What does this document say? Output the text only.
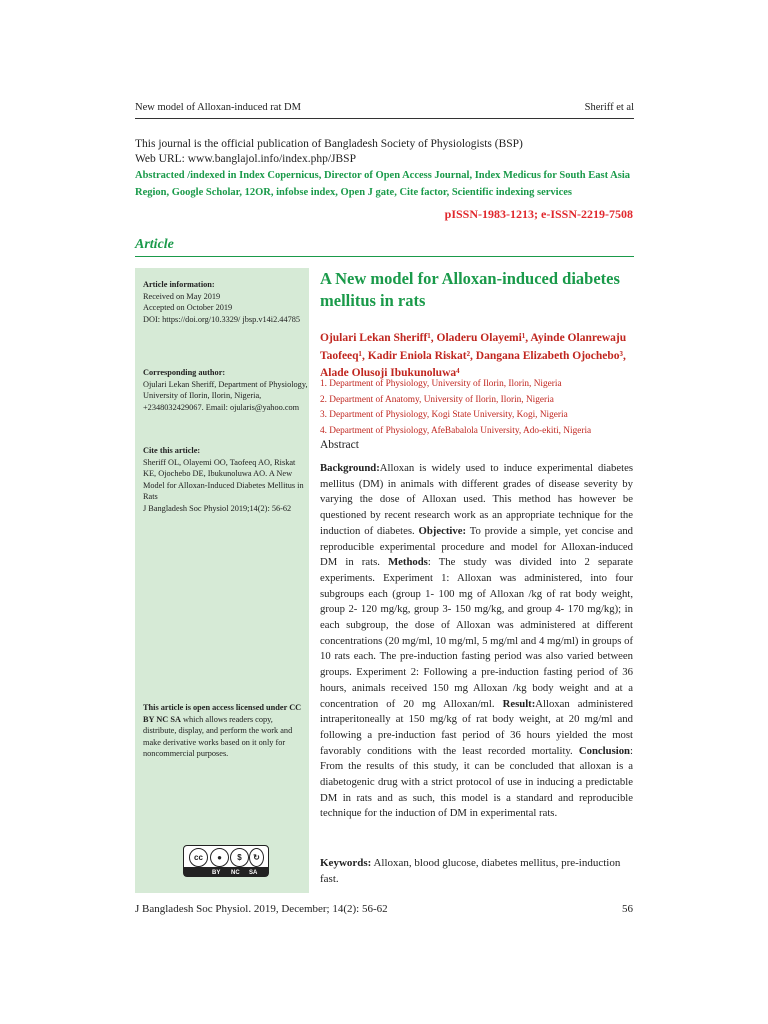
New model of Alloxan-induced rat DM	Sheriff et al
This journal is the official publication of Bangladesh Society of Physiologists (BSP)
Web URL: www.banglajol.info/index.php/JBSP
Abstracted /indexed in Index Copernicus, Director of Open Access Journal, Index Medicus for South East Asia Region, Google Scholar, 12OR, infobse index, Open J gate, Cite factor, Scientific indexing services
pISSN-1983-1213; e-ISSN-2219-7508
Article
Article information:
Received on May 2019
Accepted on October 2019
DOI: https://doi.org/10.3329/ jbsp.v14i2.44785
Corresponding author:
Ojulari Lekan Sheriff, Department of Physiology, University of Ilorin, Ilorin, Nigeria, +2348032429067. Email: ojularis@yahoo.com
Cite this article:
Sheriff OL, Olayemi OO, Taofeeq AO, Riskat KE, Ojochebo DE, Ibukunoluwa AO. A New Model for Alloxan-Induced Diabetes Mellitus in Rats
J Bangladesh Soc Physiol 2019;14(2): 56-62
This article is open access licensed under CC BY NC SA which allows readers copy, distribute, display, and perform the work and make derivative works based on it only for noncommercial purposes.
cc	●	$	↻
BY NC SA
A New model for Alloxan-induced diabetes mellitus in rats
Ojulari Lekan Sheriff¹, Oladeru Olayemi¹, Ayinde Olanrewaju Taofeeq¹, Kadir Eniola Riskat², Dangana Elizabeth Ojochebo³, Alade Olusoji Ibukunoluwa⁴
1. Department of Physiology, University of Ilorin, Ilorin, Nigeria
2. Department of Anatomy, University of Ilorin, Ilorin, Nigeria
3. Department of Physiology, Kogi State University, Kogi, Nigeria
4. Department of Physiology, AfeBabalola University, Ado-ekiti, Nigeria
Abstract
Background:Alloxan is widely used to induce experimental diabetes mellitus (DM) in animals with different grades of disease severity by varying the dose of Alloxan used. This method has however be questioned by recent research work as an appropriate technique for the induction of diabetes. Objective: To provide a simple, yet concise and reproducible experimental procedure and model for Alloxan-induced DM in rats. Methods: The study was divided into 2 separate experiments. Experiment 1: Alloxan was administered, into four subgroups each (group 1- 100 mg of Alloxan /kg of rat body weight, group 2- 120 mg/kg, group 3- 150 mg/kg, and group 4- 170 mg/kg); in each subgroup, the dose of Alloxan was administered at different concentrations (20 mg/ml, 10 mg/ml, 5 mg/ml and 4 mg/ml) in groups of 10 rats each. The pre-induction fasting period was also varied between groups. Experiment 2: Following a pre-induction fasting period of 36 hours, animals received 150 mg Alloxan /kg body weight and at a concentration of 20 mg Alloxan/ml. Result:Alloxan administered intraperitoneally at 150 mg/kg of rat body weight, at 20 mg/ml and following a pre-induction fast period of 36 hours yielded the most favorably conditions with the least recorded mortality. Conclusion: From the results of this study, it can be concluded that alloxan is a diabetogenic drug with a strict protocol of use in inducing a predictable DM in rats and as such, this model is a standard and reproducible technique for the induction of DM in experimental rats.
Keywords: Alloxan, blood glucose, diabetes mellitus, pre-induction fast.
J Bangladesh Soc Physiol. 2019, December; 14(2): 56-62	56
